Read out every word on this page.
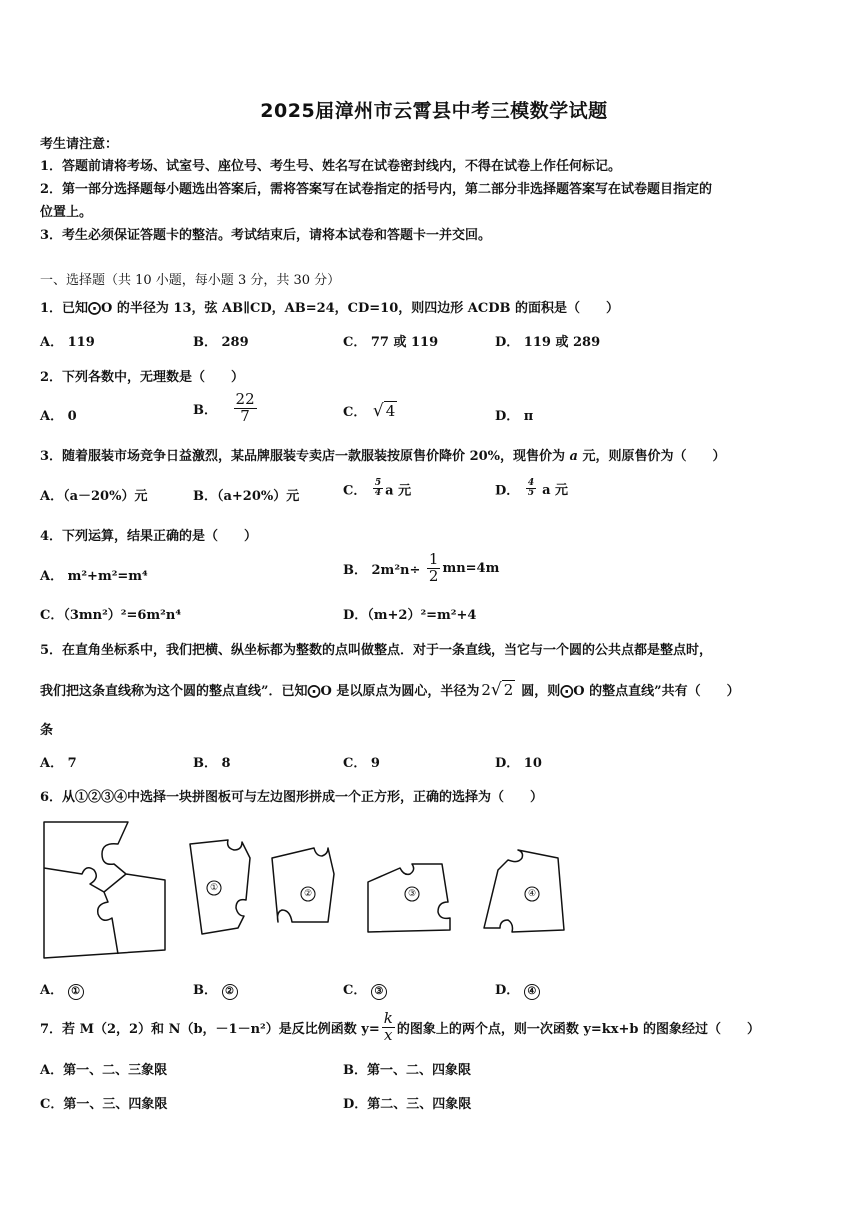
2025届漳州市云霄县中考三模数学试题
考生请注意：
1．答题前请将考场、试室号、座位号、考生号、姓名写在试卷密封线内，不得在试卷上作任何标记。
2．第一部分选择题每小题选出答案后，需将答案写在试卷指定的括号内，第二部分非选择题答案写在试卷题目指定的
位置上。
3．考生必须保证答题卡的整洁。考试结束后，请将本试卷和答题卡一并交回。
一、选择题（共 10 小题，每小题 3 分，共 30 分）
1．已知⨀O 的半径为 13，弦 AB∥CD，AB=24，CD=10，则四边形 ACDB 的面积是（　　）
A． 119	B． 289	C． 77 或 119	D． 119 或 289
2．下列各数中，无理数是（　　）
A． 0	B． $\frac{22}{7}$	C． √ 4	D． π
3．随着服装市场竞争日益激烈，某品牌服装专卖店一款服装按原售价降价 20%，现售价为 a 元，则原售价为（　　）
A．（a－20%）元	B．（a+20%）元	C． $\frac{5}{4}$ a 元	D． $\frac{4}{5}$ a 元
4．下列运算，结果正确的是（　　）
A． m²+m²=m⁴	B． $2m^2n\div \frac{1}{2} mn=4m$
C．（3mn²）²=6m²n⁴	D．（m+2）²=m²+4
5．在直角坐标系中，我们把横、纵坐标都为整数的点叫做整点．对于一条直线，当它与一个圆的公共点都是整点时，
我们把这条直线称为这个圆的整点直线”．已知⨀O 是以原点为圆心，半径为 2√ 2 圆，则⨀O 的整点直线”共有（　　）
条
A． 7	B． 8	C． 9	D． 10
6．从①②③④中选择一块拼图板可与左边图形拼成一个正方形，正确的选择为（　　）
①
②	③	④
A． ①	B． ②	C． ③	D． ④
7．若 M（2，2）和 N（b，－1－n²）是反比例函数 $y= \frac{k}{x}$ 的图象上的两个点，则一次函数 y=kx+b 的图象经过（　　）
A．第一、二、三象限	B．第一、二、四象限
C．第一、三、四象限	D．第二、三、四象限
